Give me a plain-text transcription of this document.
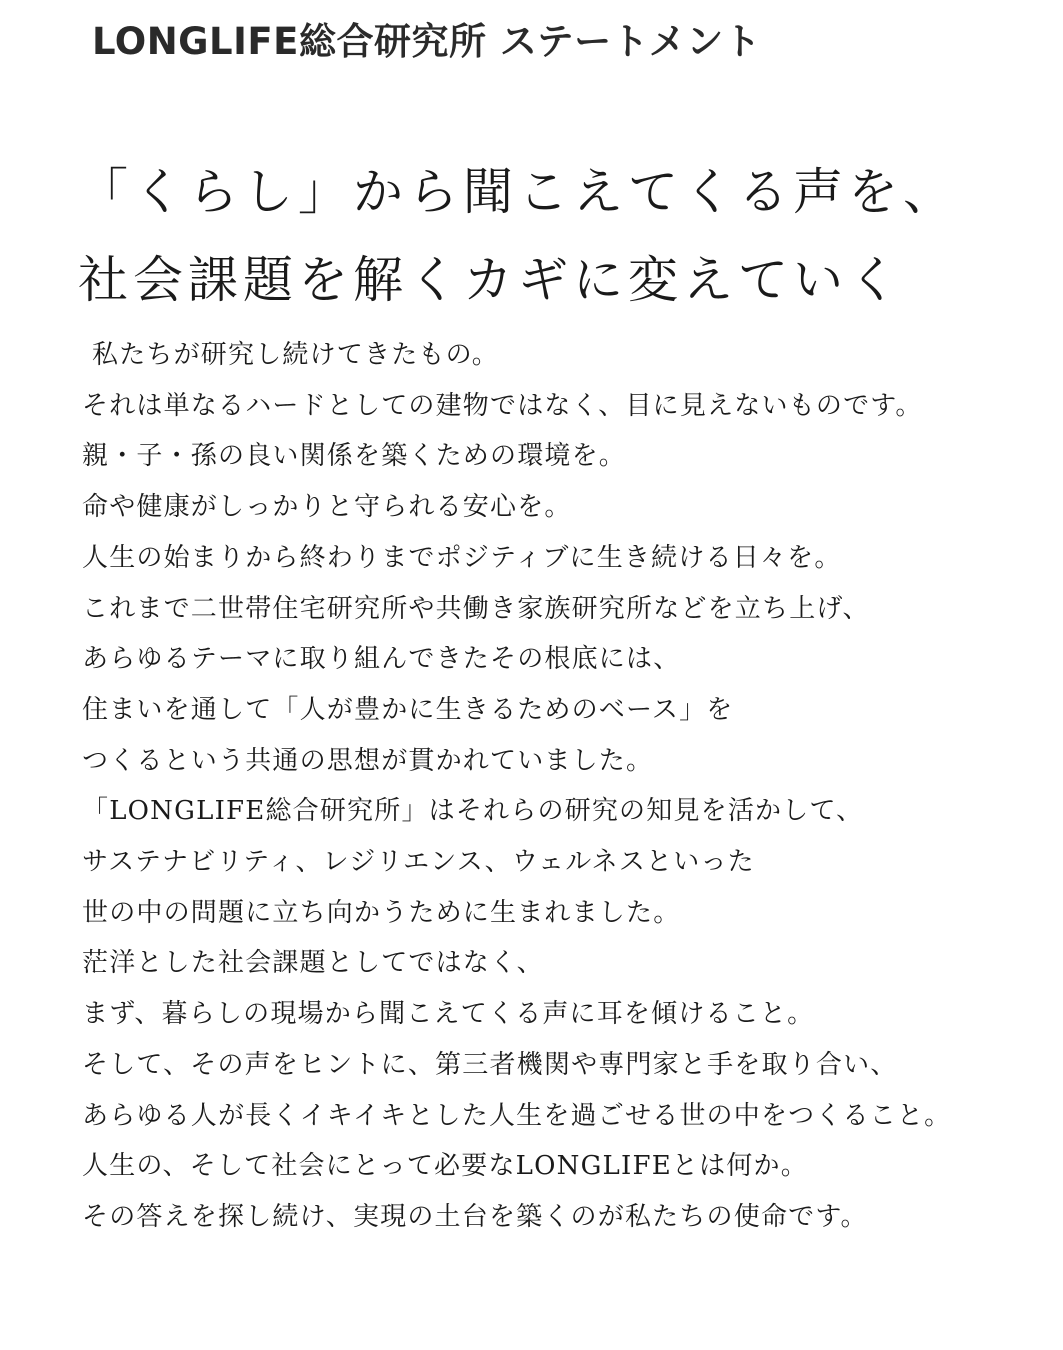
LONGLIFE総合研究所 ステートメント
「くらし」から聞こえてくる声を、
社会課題を解くカギに変えていく
私たちが研究し続けてきたもの。
それは単なるハードとしての建物ではなく、目に見えないものです。
親・子・孫の良い関係を築くための環境を。
命や健康がしっかりと守られる安心を。
人生の始まりから終わりまでポジティブに生き続ける日々を。
これまで二世帯住宅研究所や共働き家族研究所などを立ち上げ、
あらゆるテーマに取り組んできたその根底には、
住まいを通して「人が豊かに生きるためのベース」を
つくるという共通の思想が貫かれていました。
「LONGLIFE総合研究所」はそれらの研究の知見を活かして、
サステナビリティ、レジリエンス、ウェルネスといった
世の中の問題に立ち向かうために生まれました。
茫洋とした社会課題としてではなく、
まず、暮らしの現場から聞こえてくる声に耳を傾けること。
そして、その声をヒントに、第三者機関や専門家と手を取り合い、
あらゆる人が長くイキイキとした人生を過ごせる世の中をつくること。
人生の、そして社会にとって必要なLONGLIFEとは何か。
その答えを探し続け、実現の土台を築くのが私たちの使命です。
